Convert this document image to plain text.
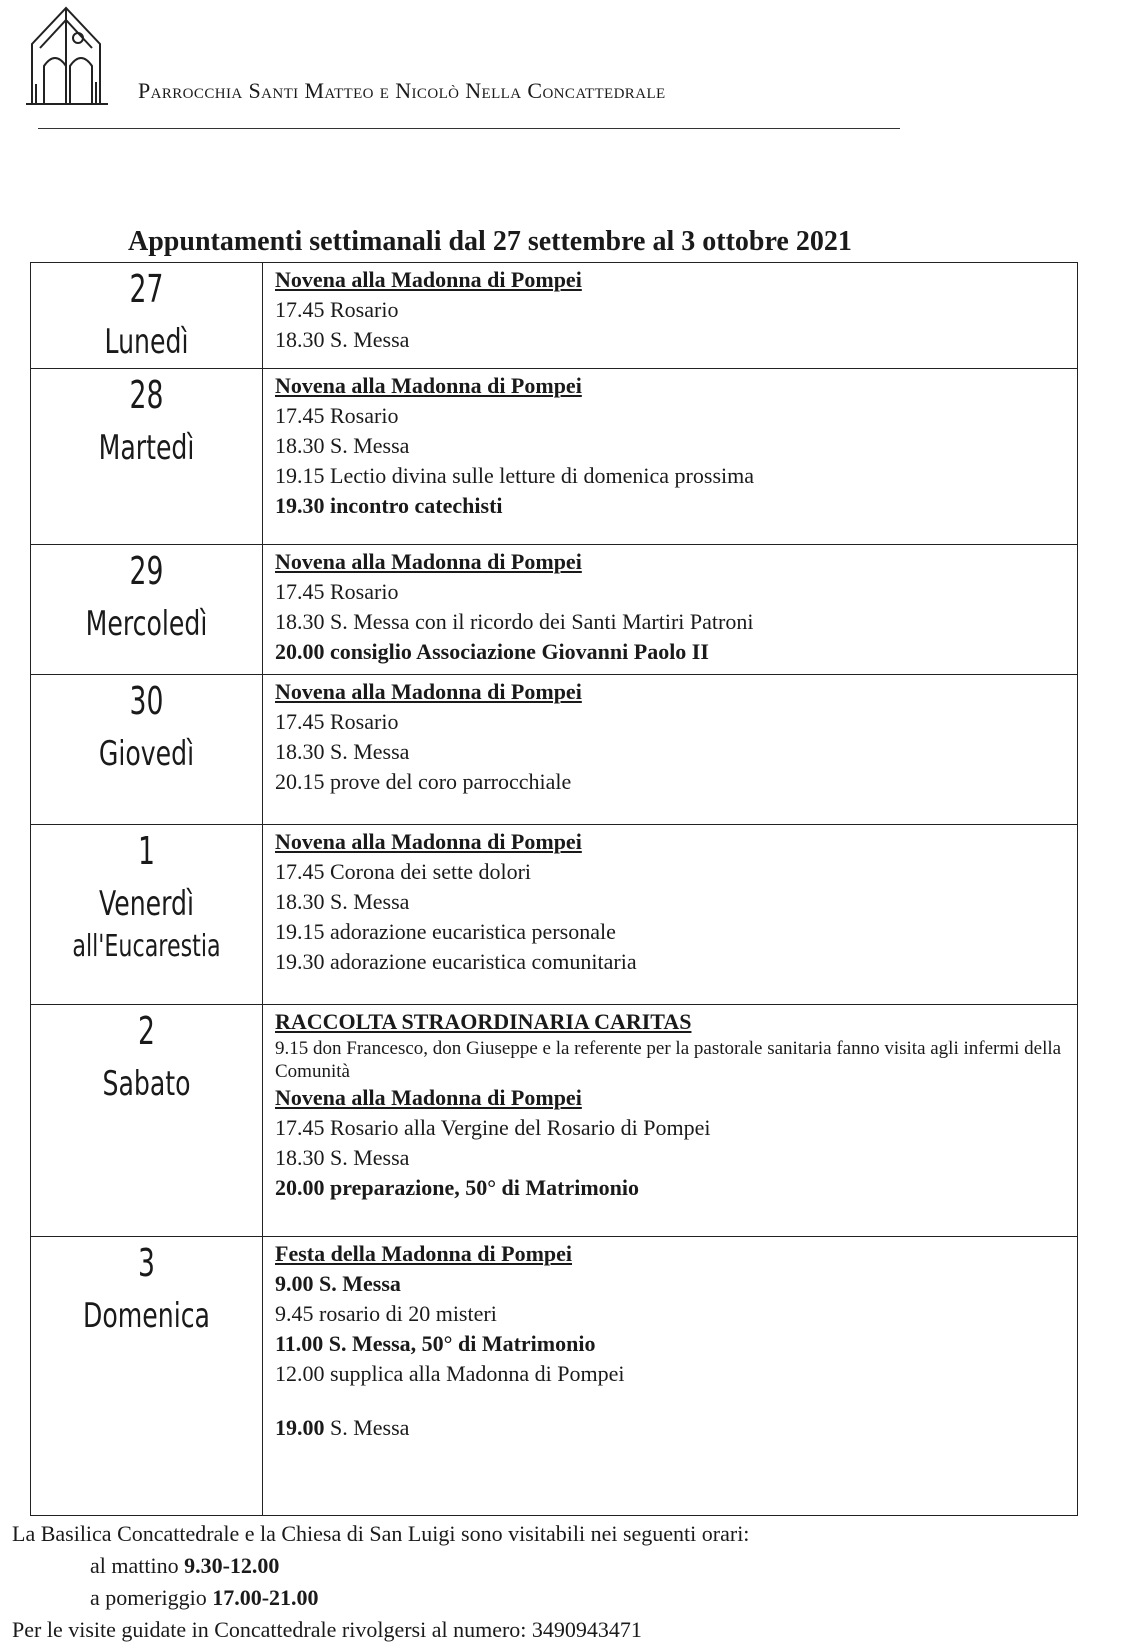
Parrocchia Santi Matteo e Nicolò Nella Concattedrale
Appuntamenti settimanali dal 27 settembre al 3 ottobre 2021
27
Lunedì
Novena alla Madonna di Pompei
17.45 Rosario
18.30 S. Messa
28
Martedì
Novena alla Madonna di Pompei
17.45 Rosario
18.30 S. Messa
19.15 Lectio divina sulle letture di domenica prossima
19.30 incontro catechisti
29
Mercoledì
Novena alla Madonna di Pompei
17.45 Rosario
18.30 S. Messa con il ricordo dei Santi Martiri Patroni
20.00 consiglio Associazione Giovanni Paolo II
30
Giovedì
Novena alla Madonna di Pompei
17.45 Rosario
18.30 S. Messa
20.15 prove del coro parrocchiale
1
Venerdì
all'Eucarestia
Novena alla Madonna di Pompei
17.45 Corona dei sette dolori
18.30 S. Messa
19.15 adorazione eucaristica personale
19.30 adorazione eucaristica comunitaria
2
Sabato
RACCOLTA STRAORDINARIA CARITAS
9.15 don Francesco, don Giuseppe e la referente per la pastorale sanitaria fanno visita agli infermi della Comunità
Novena alla Madonna di Pompei
17.45 Rosario alla Vergine del Rosario di Pompei
18.30 S. Messa
20.00 preparazione, 50° di Matrimonio
3
Domenica
Festa della Madonna di Pompei
9.00 S. Messa
9.45 rosario di 20 misteri
11.00 S. Messa, 50° di Matrimonio
12.00 supplica alla Madonna di Pompei
19.00 S. Messa
La Basilica Concattedrale e la Chiesa di San Luigi sono visitabili nei seguenti orari:
al mattino 9.30-12.00
a pomeriggio 17.00-21.00
Per le visite guidate in Concattedrale rivolgersi al numero: 3490943471
